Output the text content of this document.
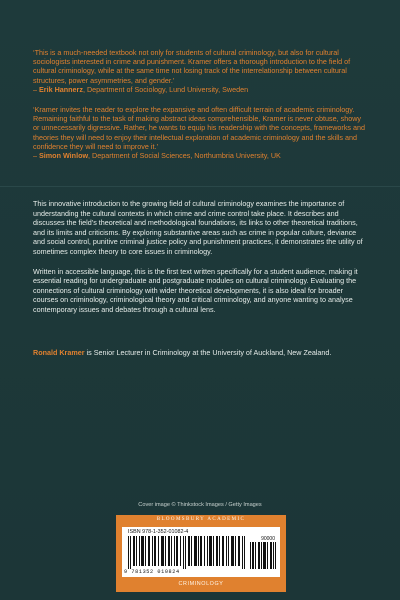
‘This is a much-needed textbook not only for students of cultural criminology, but also for cultural sociologists interested in crime and punishment. Kramer offers a thorough introduction to the field of cultural criminology, while at the same time not losing track of the interrelationship between cultural structures, power asymmetries, and gender.’
– Erik Hannerz, Department of Sociology, Lund University, Sweden
‘Kramer invites the reader to explore the expansive and often difficult terrain of academic criminology. Remaining faithful to the task of making abstract ideas comprehensible, Kramer is never obtuse, showy or unnecessarily digressive. Rather, he wants to equip his readership with the concepts, frameworks and theories they will need to enjoy their intellectual exploration of academic criminology and the skills and confidence they will need to improve it.’
– Simon Winlow, Department of Social Sciences, Northumbria University, UK

This innovative introduction to the growing field of cultural criminology examines the importance of understanding the cultural contexts in which crime and crime control take place. It describes and discusses the field’s theoretical and methodological foundations, its links to other theoretical traditions, and its limits and criticisms. By exploring substantive areas such as crime in popular culture, deviance and social control, punitive criminal justice policy and punishment practices, it demonstrates the utility of sometimes complex theory to core issues in criminology.

Written in accessible language, this is the first text written specifically for a student audience, making it essential reading for undergraduate and postgraduate modules on cultural criminology. Evaluating the connections of cultural criminology with wider theoretical developments, it is also ideal for broader courses on criminology, criminological theory and critical criminology, and anyone wanting to analyse contemporary issues and debates through a cultural lens.

Ronald Kramer is Senior Lecturer in Criminology at the University of Auckland, New Zealand.
Cover image © Thinkstock Images / Getty Images
BLOOMSBURY ACADEMIC
ISBN 978-1-352-01082-4
90000
9 781352 010824
CRIMINOLOGY
